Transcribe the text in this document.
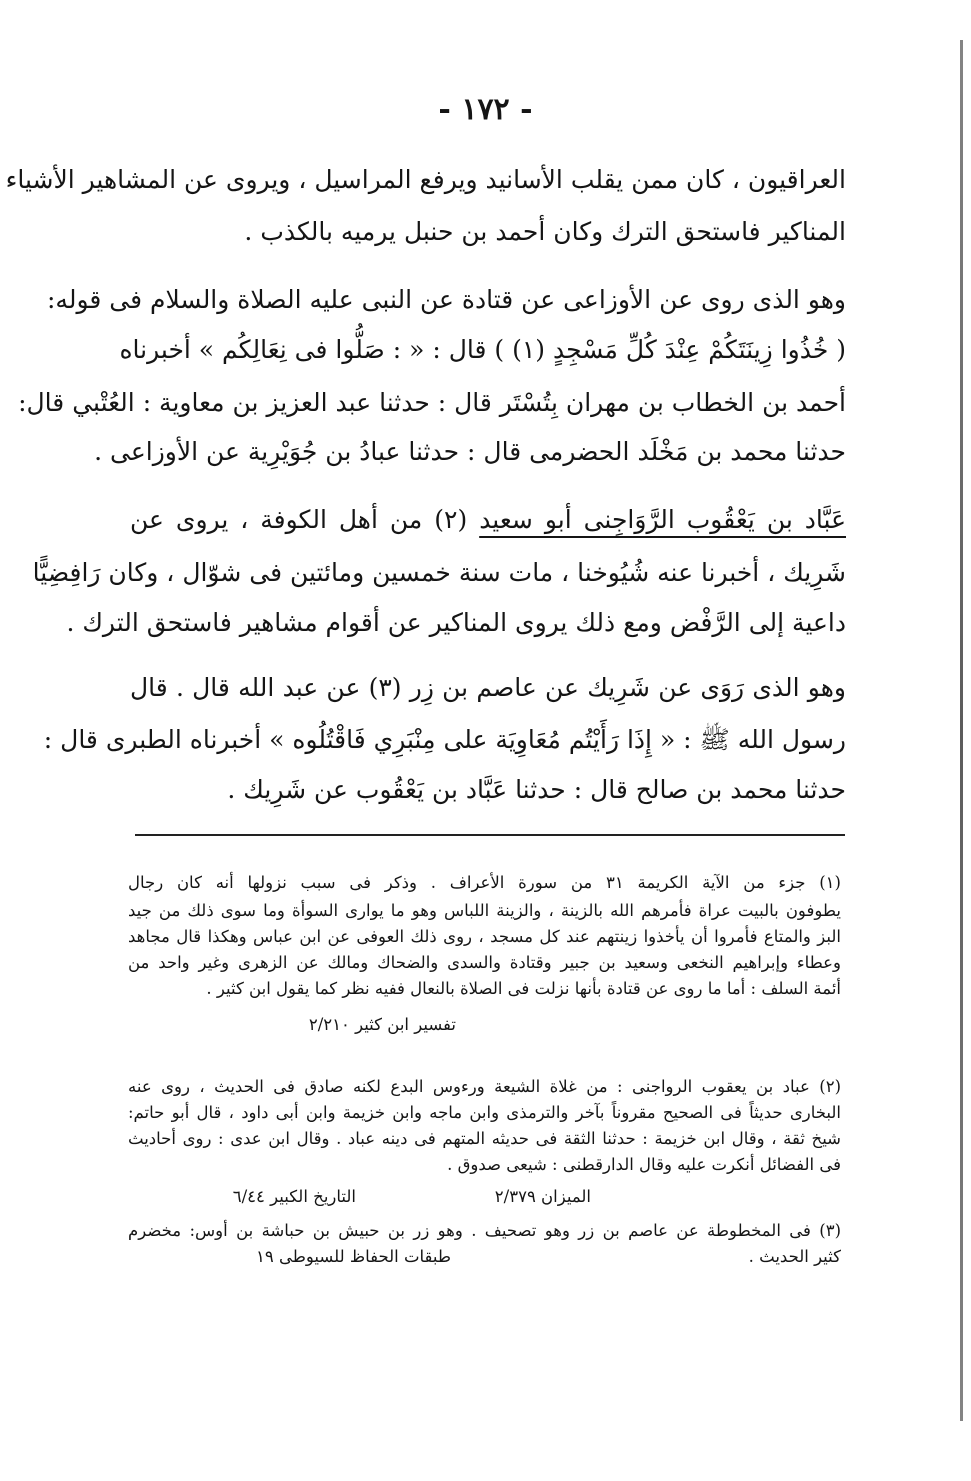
- ١٧٢ -
العراقيون ، كان ممن يقلب الأسانيد ويرفع المراسيل ، ويروى عن المشاهير الأشياء
المناكير فاستحق الترك وكان أحمد بن حنبل يرميه بالكذب .
وهو الذى روى عن الأوزاعى عن قتادة عن النبى عليه الصلاة والسلام فى قوله:
( خُذُوا زِينَتَكُمْ عِنْدَ كُلِّ مَسْجِدٍ (١) ) قال : « : صَلُّوا فى نِعَالِكُم » أخبرناه
أحمد بن الخطاب بن مهران بِتُسْتَر قال : حدثنا عبد العزيز بن معاوية : العُتْبي قال:
حدثنا محمد بن مَخْلَد الحضرمى قال : حدثنا عبادُ بن جُوَيْرِية عن الأوزاعى .
عَبَّاد بن يَعْقُوب الرَّوَاجِنى أبو سعيد (٢) من أهل الكوفة ، يروى عن
شَرِيك ، أخبرنا عنه شُيُوخنا ، مات سنة خمسين ومائتين فى شوّال ، وكان رَافِضِيًّا
داعية إلى الرَّفْض ومع ذلك يروى المناكير عن أقوام مشاهير فاستحق الترك .
وهو الذى رَوَى عن شَرِيك عن عاصم بن زِر (٣) عن عبد الله قال . قال
رسول الله ﷺ : « إِذَا رَأَيْتُم مُعَاوِيَة على مِنْبَرِي فَاقْتُلُوه » أخبرناه الطبرى قال :
حدثنا محمد بن صالح قال : حدثنا عَبَّاد بن يَعْقُوب عن شَرِيك .
(١) جزء من الآية الكريمة ٣١ من سورة الأعراف . وذكر فى سبب نزولها أنه كان رجال
يطوفون بالبيت عراة فأمرهم الله بالزينة ، والزينة اللباس وهو ما يوارى السوأة وما سوى ذلك من جيد
البز والمتاع فأمروا أن يأخذوا زينتهم عند كل مسجد ، روى ذلك العوفى عن ابن عباس وهكذا قال مجاهد
وعطاء وإبراهيم النخعى وسعيد بن جبير وقتادة والسدى والضحاك ومالك عن الزهرى وغير واحد من
أئمة السلف : أما ما روى عن قتادة بأنها نزلت فى الصلاة بالنعال ففيه نظر كما يقول ابن كثير .
تفسير ابن كثير ٢/٢١٠
(٢) عباد بن يعقوب الرواجنى : من غلاة الشيعة ورءوس البدع لكنه صادق فى الحديث ، روى عنه
البخارى حديثاً فى الصحيح مقروناً بآخر والترمذى وابن ماجه وابن خزيمة وابن أبى داود ، قال أبو حاتم:
شيخ ثقة ، وقال ابن خزيمة : حدثنا الثقة فى حديثه المتهم فى دينه عباد . وقال ابن عدى : روى أحاديث
فى الفضائل أنكرت عليه وقال الدارقطنى : شيعى صدوق .
الميزان ٢/٣٧٩
التاريخ الكبير ٦/٤٤
(٣) فى المخطوطة عن عاصم بن زر وهو تصحيف . وهو زر بن حبيش بن حباشة بن أوس: مخضرم
كثير الحديث .
طبقات الحفاظ للسيوطى ١٩
